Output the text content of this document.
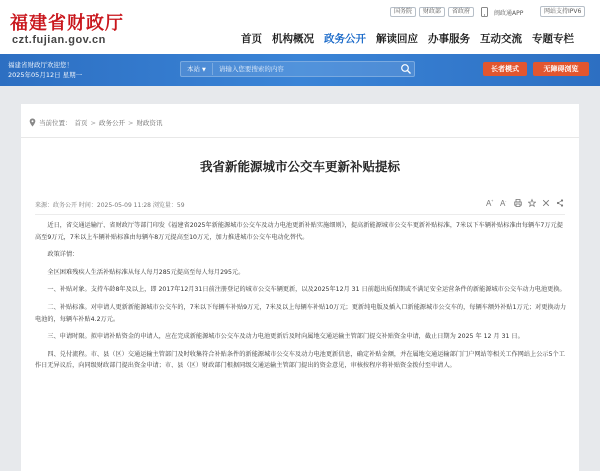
福建省财政厅
czt.fujian.gov.cn
国务院	财政部	省政府	闽政通APP	网站支持IPV6
首页 机构概况 政务公开 解读回应 办事服务 互动交流 专题专栏
福建省财政厅欢迎您！
2025年05月12日 星期一
本站 ▼	请输入您要搜索的内容	长者模式	无障碍浏览
当前位置： 首页 > 政务公开 > 财政资讯
我省新能源城市公交车更新补贴提标
来源：政务公开 时间：2025-05-09 11:28 浏览量：59	A + A -

近日，省交通运输厅、省财政厅等部门印发《福建省2025年新能源城市公交车及动力电池更新补贴实施细则》，提高新能源城市公交车更新补贴标准，7米以下车辆补贴标准由每辆车7万元提高至9万元，7米以上车辆补贴标准由每辆车8万元提高至10万元，加力推进城市公交车电动化替代。

政策详情：

全区困难残疾人生活补贴标准从每人每月285元提高至每人每月295元。

一、补贴对象。支持车龄8年及以上，即 2017年12月31日前注册登记的城市公交车辆更新，以及2025年12月 31 日前超出质保期或不满足安全运营条件的新能源城市公交车动力电池更换。

二、补贴标准。对申请人更新新能源城市公交车的，7米以下每辆车补贴9万元，7米及以上每辆车补贴10万元；更新纯电版及插入口新能源城市公交车的，每辆车额外补贴1万元；对更换动力电池的，每辆车补贴4.2万元。

三、申请时限。拟申请补贴资金的申请人，应在完成新能源城市公交车及动力电池更新后及时向属地交通运输主管部门提交补贴资金申请，截止日期为 2025 年 12 月 31 日。

四、兑付流程。市、县（区）交通运输主管部门及时收集符合补贴条件的新能源城市公交车及动力电池更新信息，确定补贴金额，并在属地交通运输部门门户网站等相关工作网站上公示5个工作日无异议后，向同级财政部门提出资金申请；市、县（区）财政部门根据同级交通运输主管部门提出的资金意见，审核按程序将补贴资金拨付至申请人。
